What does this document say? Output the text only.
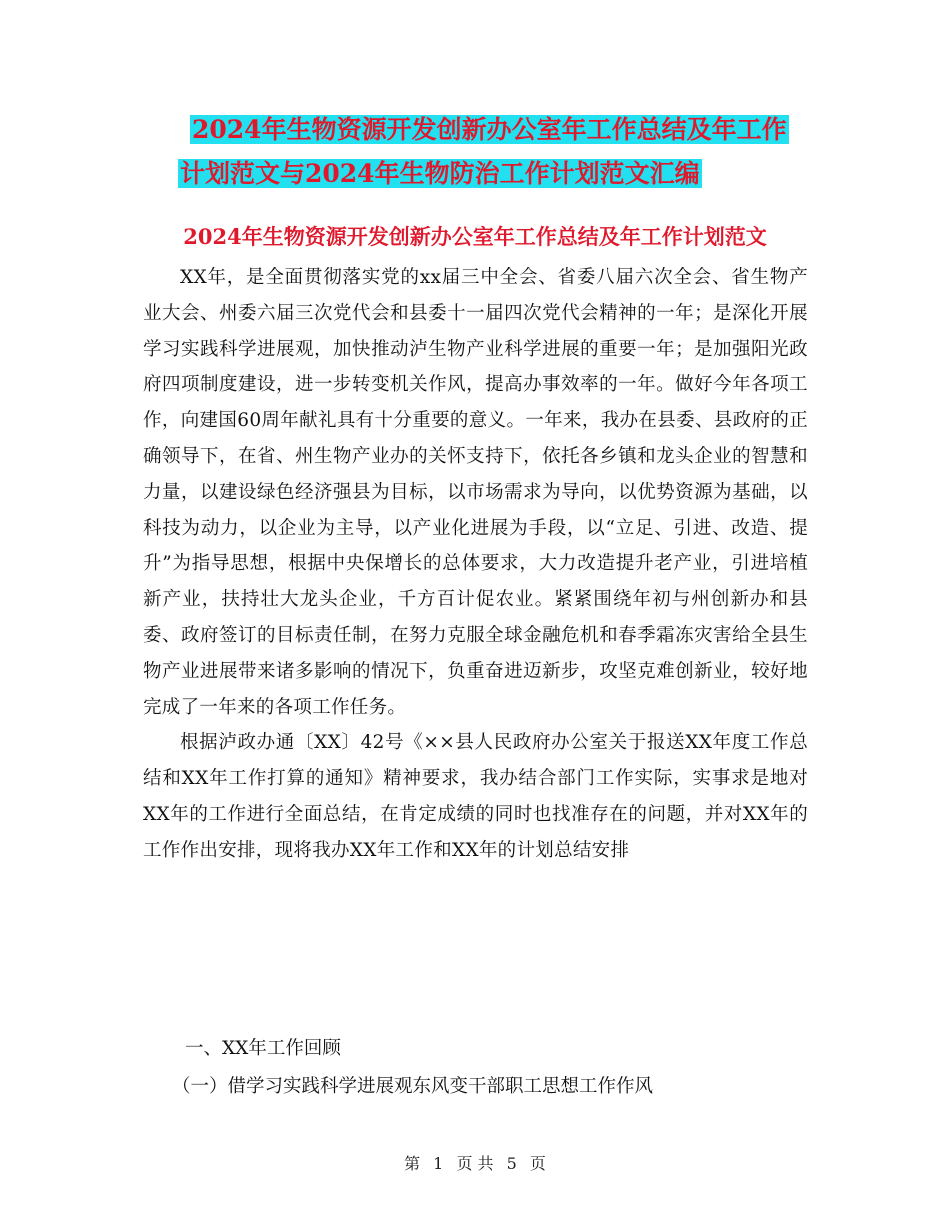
2024年生物资源开发创新办公室年工作总结及年工作
计划范文与2024年生物防治工作计划范文汇编
2024年生物资源开发创新办公室年工作总结及年工作计划范文

XX年，是全面贯彻落实党的xx届三中全会、省委八届六次全会、省生物产业大会、州委六届三次党代会和县委十一届四次党代会精神的一年；是深化开展学习实践科学进展观，加快推动泸生物产业科学进展的重要一年；是加强阳光政府四项制度建设，进一步转变机关作风，提高办事效率的一年。做好今年各项工作，向建国60周年献礼具有十分重要的意义。一年来，我办在县委、县政府的正确领导下，在省、州生物产业办的关怀支持下，依托各乡镇和龙头企业的智慧和力量，以建设绿色经济强县为目标，以市场需求为导向，以优势资源为基础，以科技为动力，以企业为主导，以产业化进展为手段，以“立足、引进、改造、提升”为指导思想，根据中央保增长的总体要求，大力改造提升老产业，引进培植新产业，扶持壮大龙头企业，千方百计促农业。紧紧围绕年初与州创新办和县委、政府签订的目标责任制，在努力克服全球金融危机和春季霜冻灾害给全县生物产业进展带来诸多影响的情况下，负重奋进迈新步，攻坚克难创新业，较好地完成了一年来的各项工作任务。

根据泸政办通〔XX〕42号《××县人民政府办公室关于报送XX年度工作总结和XX年工作打算的通知》精神要求，我办结合部门工作实际，实事求是地对XX年的工作进行全面总结，在肯定成绩的同时也找准存在的问题，并对XX年的工作作出安排，现将我办XX年工作和XX年的计划总结安排

一、XX年工作回顾

（一）借学习实践科学进展观东风变干部职工思想工作作风

第 1 页 共 5 页
